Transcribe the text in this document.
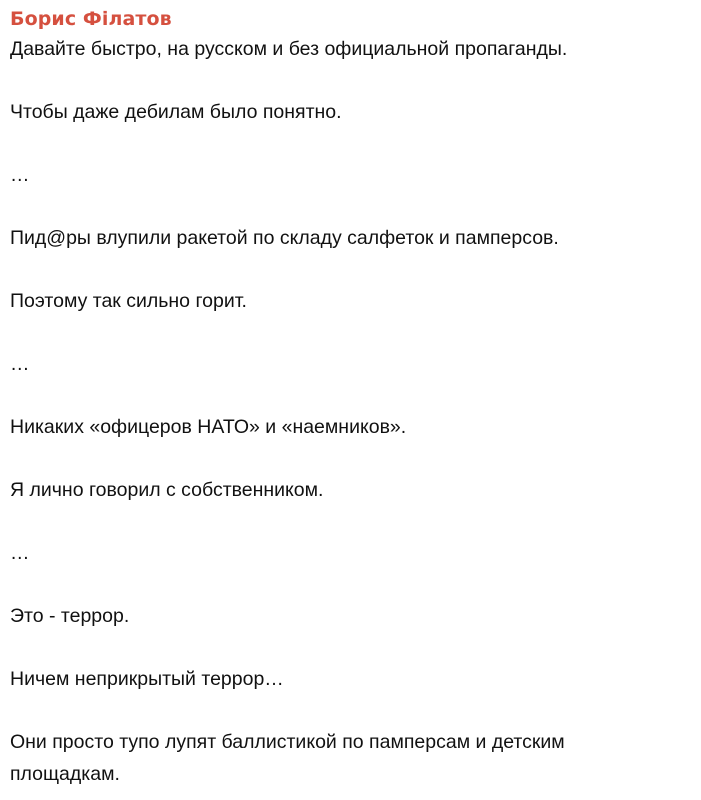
Борис Філатов

Давайте быстро, на русском и без официальной пропаганды.

Чтобы даже дебилам было понятно.

…

Пид@ры влупили ракетой по складу салфеток и памперсов.

Поэтому так сильно горит.

…

Никаких «офицеров НАТО» и «наемников».

Я лично говорил с собственником.

…

Это - террор.

Ничем неприкрытый террор…

Они просто тупо лупят баллистикой по памперсам и детским

площадкам.
